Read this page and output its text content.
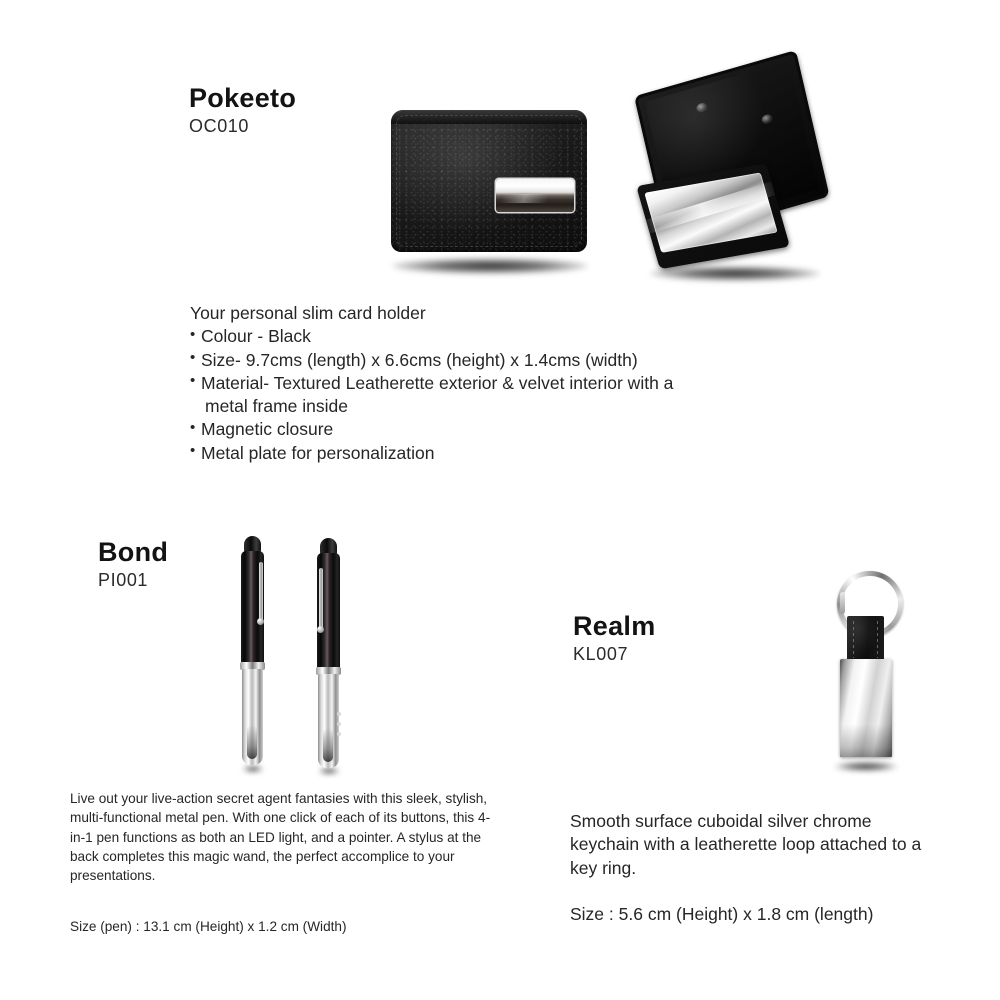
Pokeeto
OC010
Your personal slim card holder
• Colour - Black
• Size- 9.7cms (length) x 6.6cms (height) x 1.4cms (width)
• Material- Textured Leatherette exterior & velvet interior with a
metal frame inside
• Magnetic closure
• Metal plate for personalization
Bond
PI001
Live out your live-action secret agent fantasies with this sleek, stylish, multi-functional metal pen. With one click of each of its buttons, this 4-in-1 pen functions as both an LED light, and a pointer. A stylus at the back completes this magic wand, the perfect accomplice to your presentations.
Size (pen) : 13.1 cm (Height) x 1.2 cm (Width)
Realm
KL007
Smooth surface cuboidal silver chrome keychain with a leatherette loop attached to a key ring.
Size : 5.6 cm (Height) x 1.8 cm (length)
